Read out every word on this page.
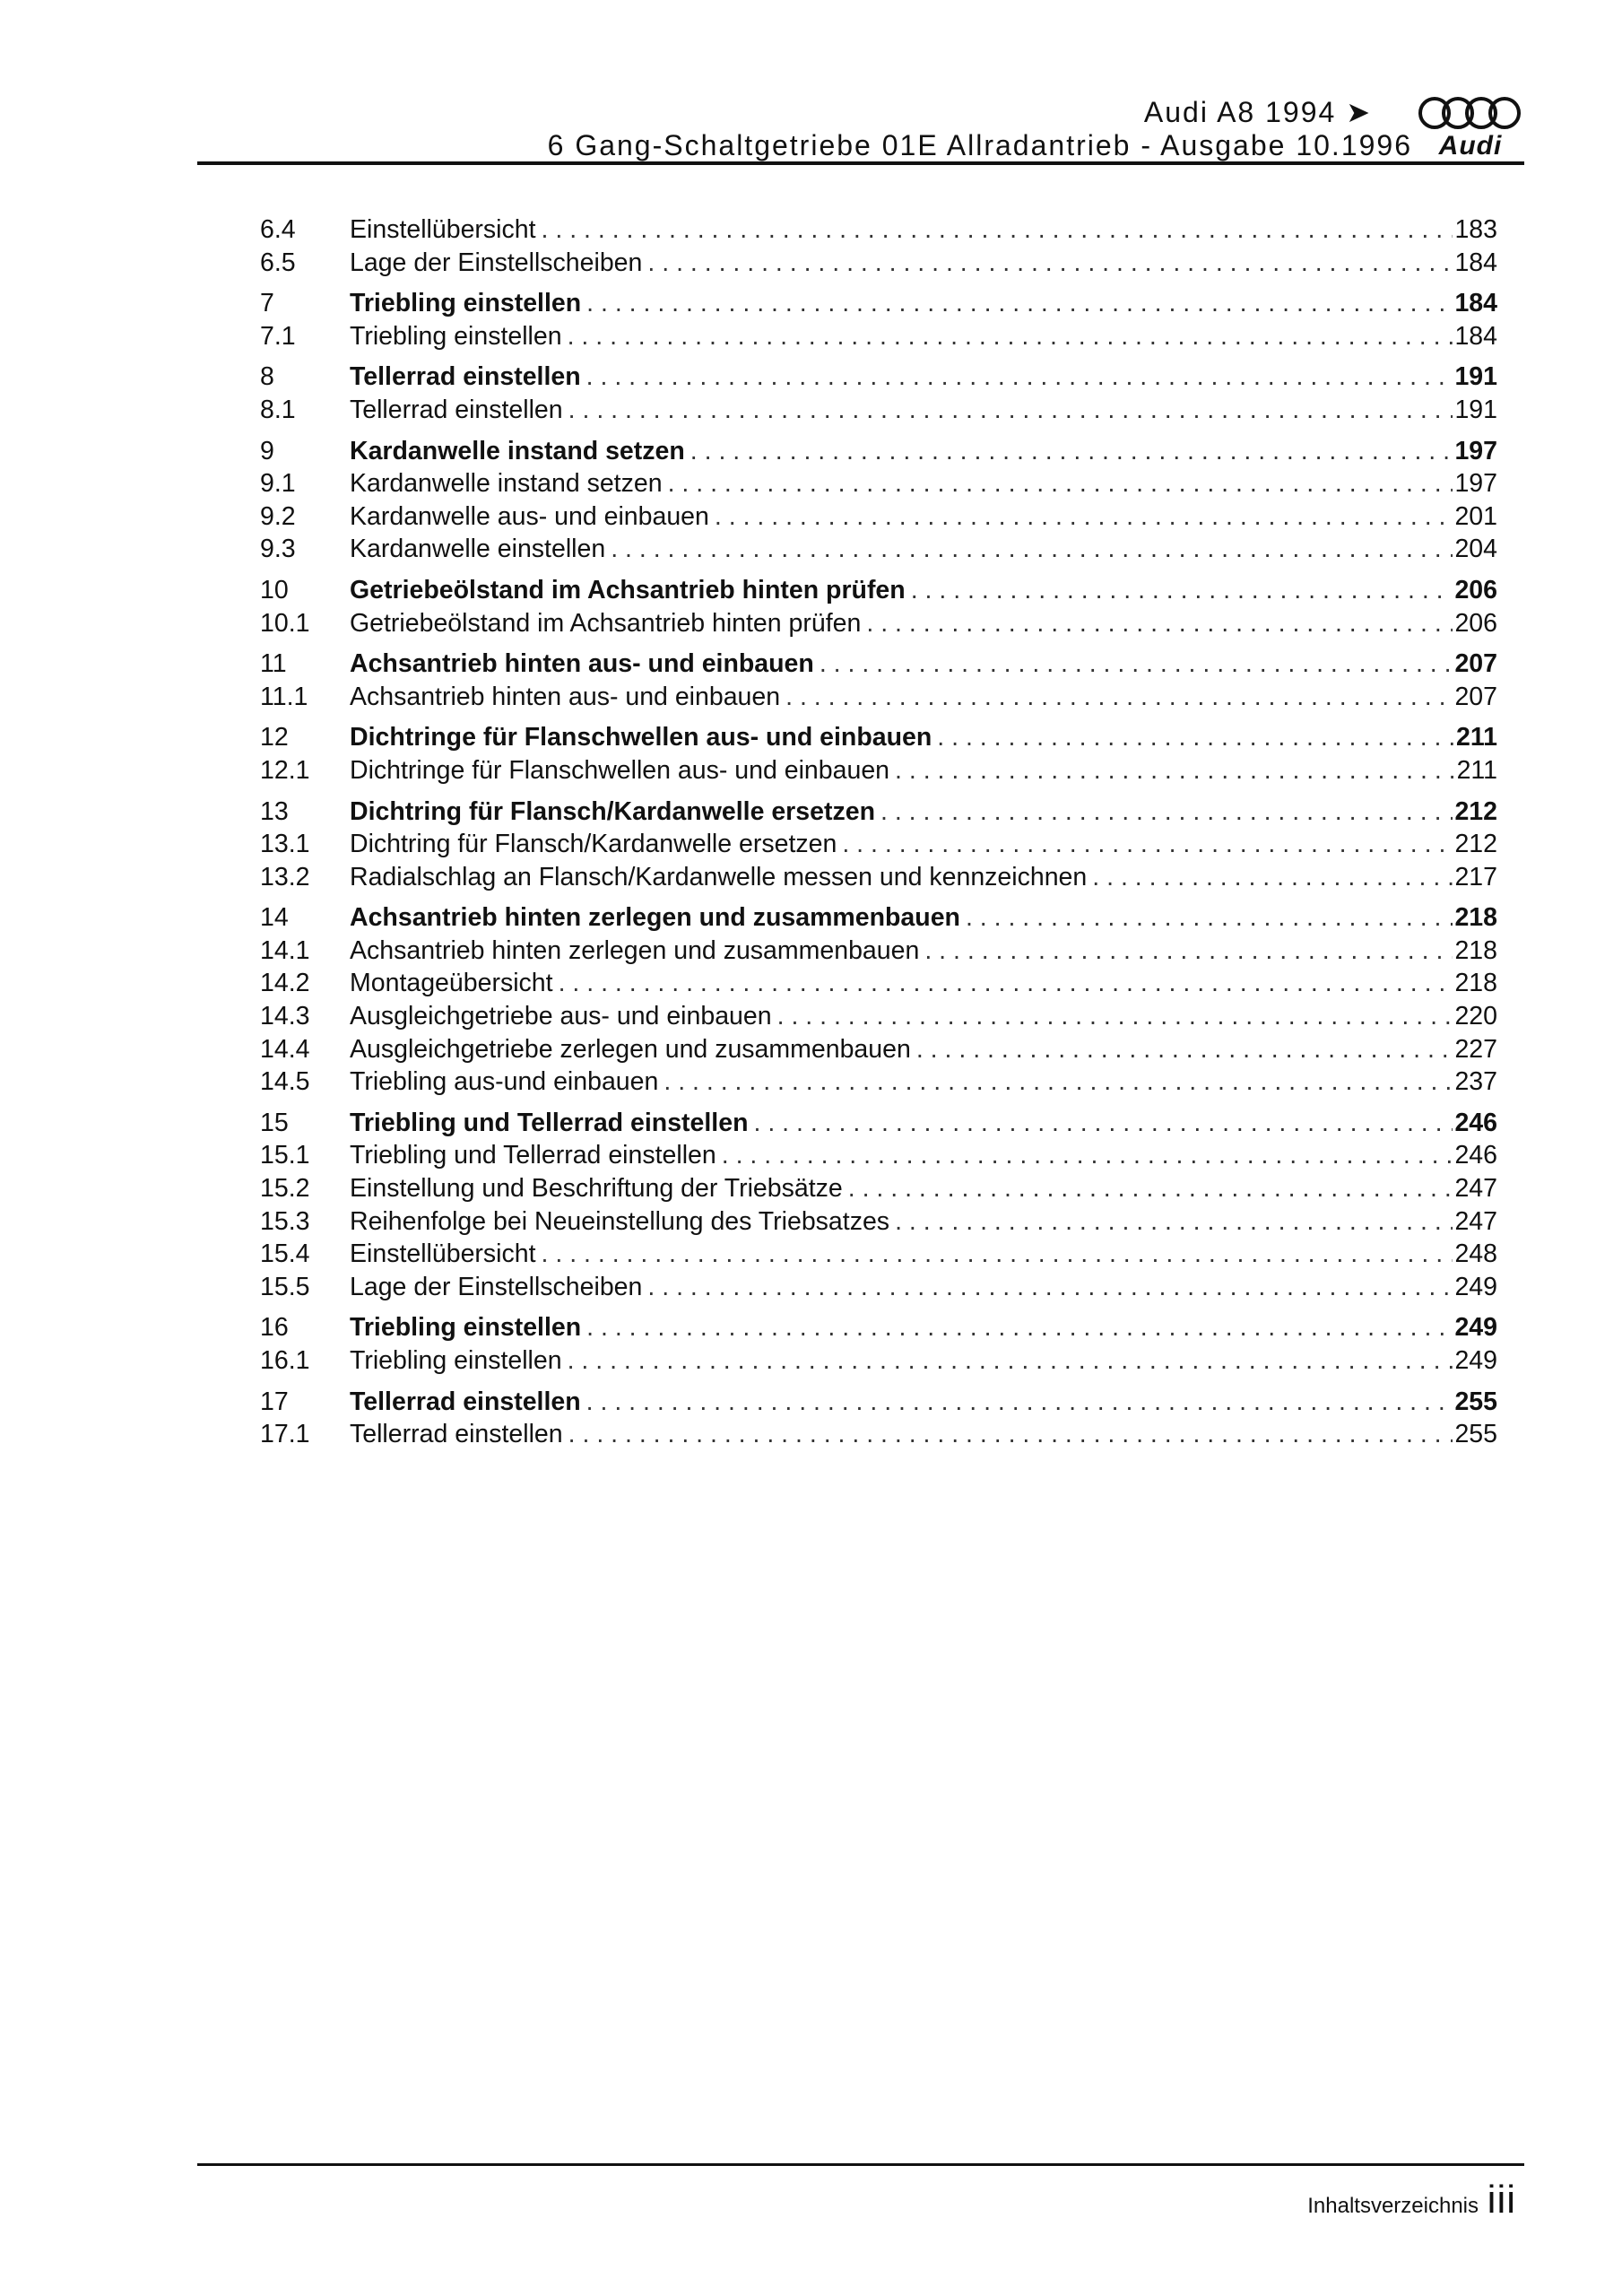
Audi A8 1994 ➤
6 Gang-Schaltgetriebe 01E Allradantrieb - Ausgabe 10.1996 Audi
6.4	Einstellübersicht . . .	183
6.5	Lage der Einstellscheiben . . .	184
7	Triebling einstellen . . .	184
7.1	Triebling einstellen . . .	184
8	Tellerrad einstellen . . .	191
8.1	Tellerrad einstellen . . .	191
9	Kardanwelle instand setzen . . .	197
9.1	Kardanwelle instand setzen . . .	197
9.2	Kardanwelle aus- und einbauen . . .	201
9.3	Kardanwelle einstellen . . .	204
10	Getriebeölstand im Achsantrieb hinten prüfen . . .	206
10.1	Getriebeölstand im Achsantrieb hinten prüfen . . .	206
11	Achsantrieb hinten aus- und einbauen . . .	207
11.1	Achsantrieb hinten aus- und einbauen . . .	207
12	Dichtringe für Flanschwellen aus- und einbauen . . .	211
12.1	Dichtringe für Flanschwellen aus- und einbauen . . .	211
13	Dichtring für Flansch/Kardanwelle ersetzen . . .	212
13.1	Dichtring für Flansch/Kardanwelle ersetzen . . .	212
13.2	Radialschlag an Flansch/Kardanwelle messen und kennzeichnen . . .	217
14	Achsantrieb hinten zerlegen und zusammenbauen . . .	218
14.1	Achsantrieb hinten zerlegen und zusammenbauen . . .	218
14.2	Montageübersicht . . .	218
14.3	Ausgleichgetriebe aus- und einbauen . . .	220
14.4	Ausgleichgetriebe zerlegen und zusammenbauen . . .	227
14.5	Triebling aus-und einbauen . . .	237
15	Triebling und Tellerrad einstellen . . .	246
15.1	Triebling und Tellerrad einstellen . . .	246
15.2	Einstellung und Beschriftung der Triebsätze . . .	247
15.3	Reihenfolge bei Neueinstellung des Triebsatzes . . .	247
15.4	Einstellübersicht . . .	248
15.5	Lage der Einstellscheiben . . .	249
16	Triebling einstellen . . .	249
16.1	Triebling einstellen . . .	249
17	Tellerrad einstellen . . .	255
17.1	Tellerrad einstellen . . .	255
Inhaltsverzeichnis iii
